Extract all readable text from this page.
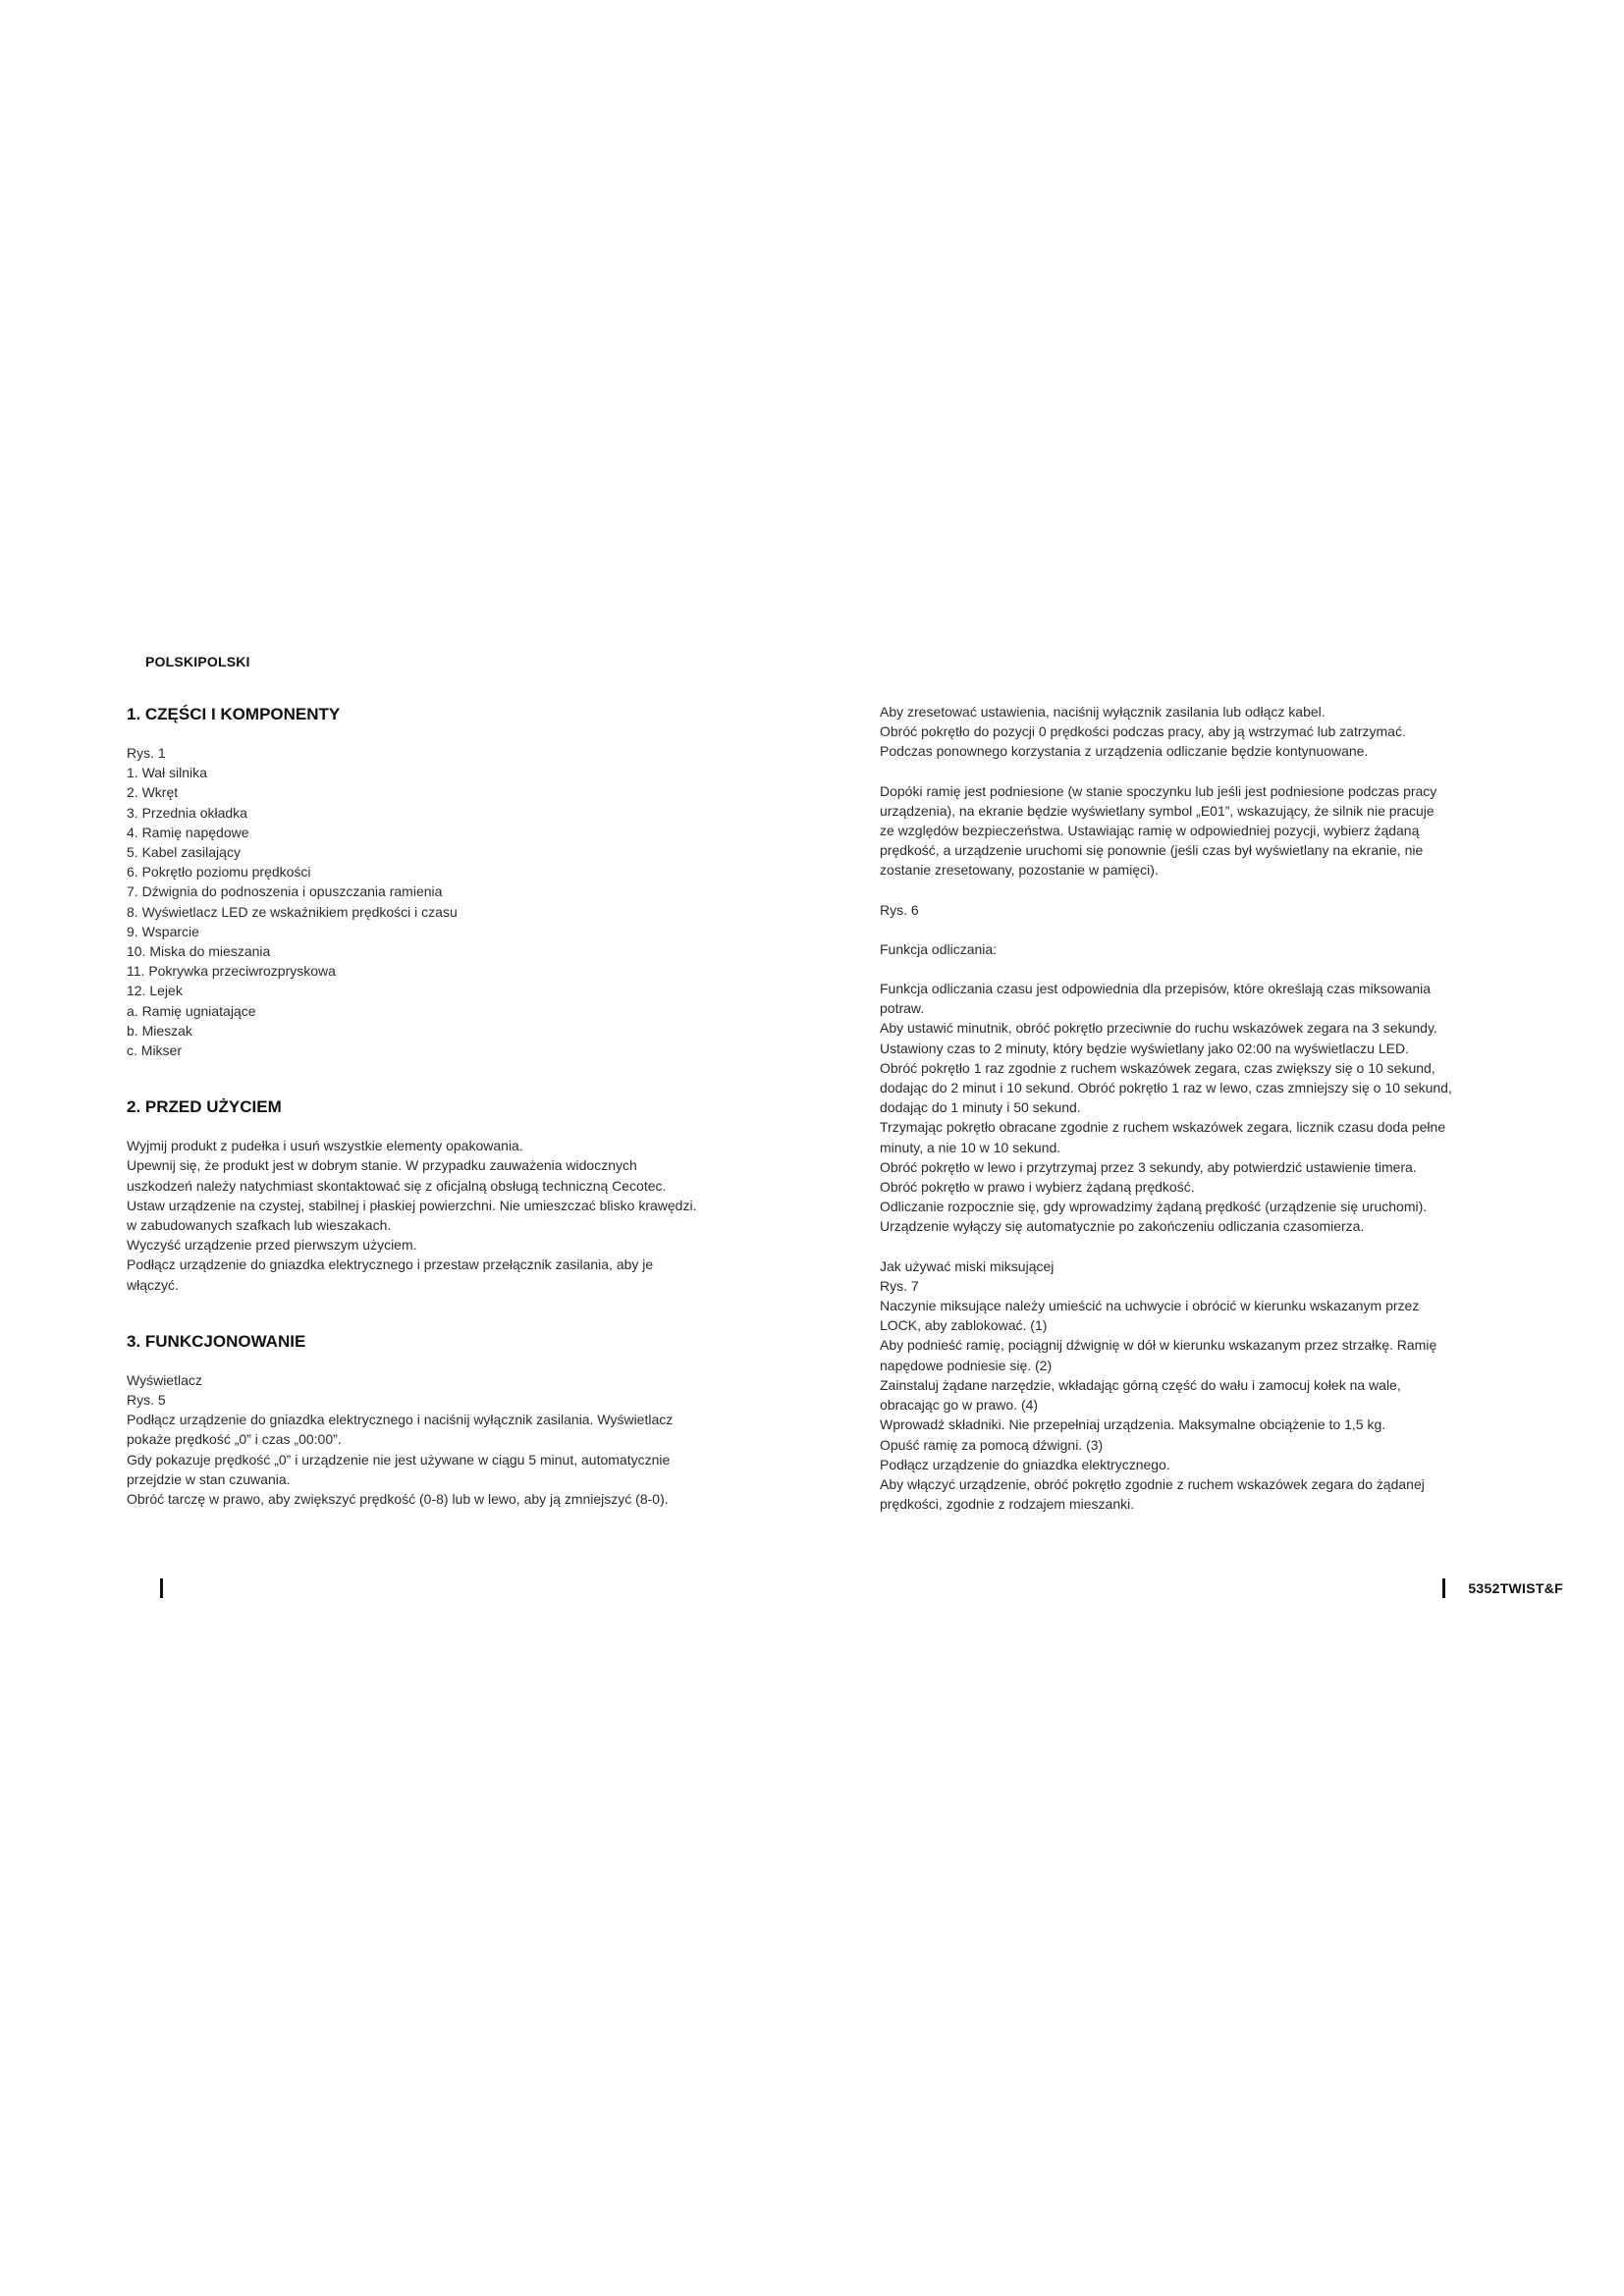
POLSKIPOLSKI
1. CZĘŚCI I KOMPONENTY
Rys. 1
1. Wał silnika
2. Wkręt
3. Przednia okładka
4. Ramię napędowe
5. Kabel zasilający
6. Pokrętło poziomu prędkości
7. Dźwignia do podnoszenia i opuszczania ramienia
8. Wyświetlacz LED ze wskaźnikiem prędkości i czasu
9. Wsparcie
10. Miska do mieszania
11. Pokrywka przeciwrozpryskowa
12. Lejek
a. Ramię ugniatające
b. Mieszak
c. Mikser
2. PRZED UŻYCIEM
Wyjmij produkt z pudełka i usuń wszystkie elementy opakowania.
Upewnij się, że produkt jest w dobrym stanie. W przypadku zauważenia widocznych
uszkodzeń należy natychmiast skontaktować się z oficjalną obsługą techniczną Cecotec.
Ustaw urządzenie na czystej, stabilnej i płaskiej powierzchni. Nie umieszczać blisko krawędzi.
w zabudowanych szafkach lub wieszakach.
Wyczyść urządzenie przed pierwszym użyciem.
Podłącz urządzenie do gniazdka elektrycznego i przestaw przełącznik zasilania, aby je
włączyć.
3. FUNKCJONOWANIE
Wyświetlacz
Rys. 5
Podłącz urządzenie do gniazdka elektrycznego i naciśnij wyłącznik zasilania. Wyświetlacz
pokaże prędkość „0” i czas „00:00”.
Gdy pokazuje prędkość „0” i urządzenie nie jest używane w ciągu 5 minut, automatycznie
przejdzie w stan czuwania.
Obróć tarczę w prawo, aby zwiększyć prędkość (0-8) lub w lewo, aby ją zmniejszyć (8-0).
Aby zresetować ustawienia, naciśnij wyłącznik zasilania lub odłącz kabel.
Obróć pokrętło do pozycji 0 prędkości podczas pracy, aby ją wstrzymać lub zatrzymać.
Podczas ponownego korzystania z urządzenia odliczanie będzie kontynuowane.
Dopóki ramię jest podniesione (w stanie spoczynku lub jeśli jest podniesione podczas pracy
urządzenia), na ekranie będzie wyświetlany symbol „E01”, wskazujący, że silnik nie pracuje
ze względów bezpieczeństwa. Ustawiając ramię w odpowiedniej pozycji, wybierz żądaną
prędkość, a urządzenie uruchomi się ponownie (jeśli czas był wyświetlany na ekranie, nie
zostanie zresetowany, pozostanie w pamięci).
Rys. 6
Funkcja odliczania:
Funkcja odliczania czasu jest odpowiednia dla przepisów, które określają czas miksowania
potraw.
Aby ustawić minutnik, obróć pokrętło przeciwnie do ruchu wskazówek zegara na 3 sekundy.
Ustawiony czas to 2 minuty, który będzie wyświetlany jako 02:00 na wyświetlaczu LED.
Obróć pokrętło 1 raz zgodnie z ruchem wskazówek zegara, czas zwiększy się o 10 sekund,
dodając do 2 minut i 10 sekund. Obróć pokrętło 1 raz w lewo, czas zmniejszy się o 10 sekund,
dodając do 1 minuty i 50 sekund.
Trzymając pokrętło obracane zgodnie z ruchem wskazówek zegara, licznik czasu doda pełne
minuty, a nie 10 w 10 sekund.
Obróć pokrętło w lewo i przytrzymaj przez 3 sekundy, aby potwierdzić ustawienie timera.
Obróć pokrętło w prawo i wybierz żądaną prędkość.
Odliczanie rozpocznie się, gdy wprowadzimy żądaną prędkość (urządzenie się uruchomi).
Urządzenie wyłączy się automatycznie po zakończeniu odliczania czasomierza.
Jak używać miski miksującej
Rys. 7
Naczynie miksujące należy umieścić na uchwycie i obrócić w kierunku wskazanym przez
LOCK, aby zablokować. (1)
Aby podnieść ramię, pociągnij dźwignię w dół w kierunku wskazanym przez strzałkę. Ramię
napędowe podniesie się. (2)
Zainstaluj żądane narzędzie, wkładając górną część do wału i zamocuj kołek na wale,
obracając go w prawo. (4)
Wprowadź składniki. Nie przepełniaj urządzenia. Maksymalne obciążenie to 1,5 kg.
Opuść ramię za pomocą dźwigni. (3)
Podłącz urządzenie do gniazdka elektrycznego.
Aby włączyć urządzenie, obróć pokrętło zgodnie z ruchem wskazówek zegara do żądanej
prędkości, zgodnie z rodzajem mieszanki.
5352TWIST&F
